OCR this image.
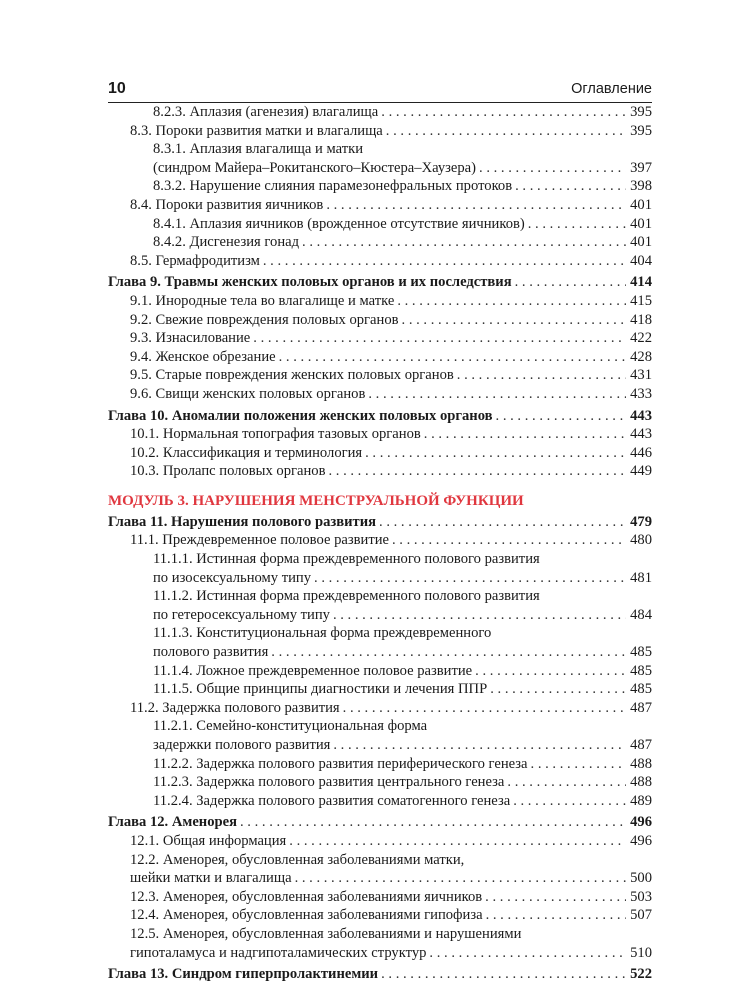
10	Оглавление
8.2.3. Аплазия (агенезия) влагалища . . .	395
8.3. Пороки развития матки и влагалища . . .	395
8.3.1. Аплазия влагалища и матки
(синдром Майера–Рокитанского–Кюстера–Хаузера) . . .	397
8.3.2. Нарушение слияния парамезонефральных протоков . . .	398
8.4. Пороки развития яичников . . .	401
8.4.1. Аплазия яичников (врожденное отсутствие яичников) . . .	401
8.4.2. Дисгенезия гонад . . .	401
8.5. Гермафродитизм . . .	404
Глава 9. Травмы женских половых органов и их последствия . . .	414
9.1. Инородные тела во влагалище и матке . . .	415
9.2. Свежие повреждения половых органов . . .	418
9.3. Изнасилование . . .	422
9.4. Женское обрезание . . .	428
9.5. Старые повреждения женских половых органов . . .	431
9.6. Свищи женских половых органов . . .	433
Глава 10. Аномалии положения женских половых органов . . .	443
10.1. Нормальная топография тазовых органов . . .	443
10.2. Классификация и терминология . . .	446
10.3. Пролапс половых органов . . .	449
МОДУЛЬ 3. НАРУШЕНИЯ МЕНСТРУАЛЬНОЙ ФУНКЦИИ
Глава 11. Нарушения полового развития . . .	479
11.1. Преждевременное половое развитие . . .	480
11.1.1. Истинная форма преждевременного полового развития
по изосексуальному типу . . .	481
11.1.2. Истинная форма преждевременного полового развития
по гетеросексуальному типу . . .	484
11.1.3. Конституциональная форма преждевременного
полового развития . . .	485
11.1.4. Ложное преждевременное половое развитие . . .	485
11.1.5. Общие принципы диагностики и лечения ППР . . .	485
11.2. Задержка полового развития . . .	487
11.2.1. Семейно-конституциональная форма
задержки полового развития . . .	487
11.2.2. Задержка полового развития периферического генеза . . .	488
11.2.3. Задержка полового развития центрального генеза . . .	488
11.2.4. Задержка полового развития соматогенного генеза . . .	489
Глава 12. Аменорея . . .	496
12.1. Общая информация . . .	496
12.2. Аменорея, обусловленная заболеваниями матки,
шейки матки и влагалища . . .	500
12.3. Аменорея, обусловленная заболеваниями яичников . . .	503
12.4. Аменорея, обусловленная заболеваниями гипофиза . . .	507
12.5. Аменорея, обусловленная заболеваниями и нарушениями
гипоталамуса и надгипоталамических структур . . .	510
Глава 13. Синдром гиперпролактинемии . . .	522
